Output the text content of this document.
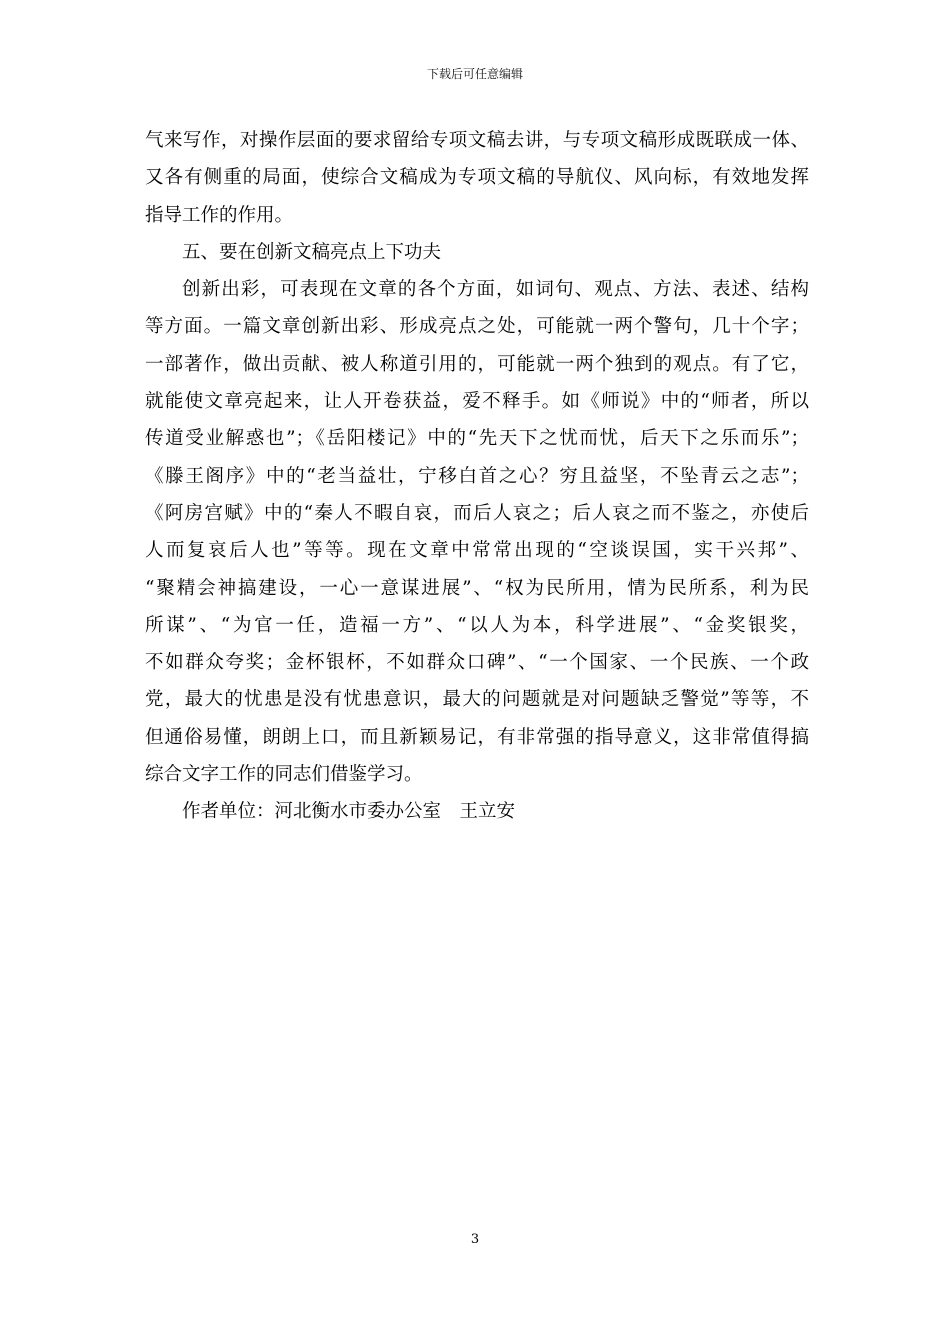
下载后可任意编辑
气来写作，对操作层面的要求留给专项文稿去讲，与专项文稿形成既联成一体、
又各有侧重的局面，使综合文稿成为专项文稿的导航仪、风向标，有效地发挥
指导工作的作用。
五、要在创新文稿亮点上下功夫
创新出彩，可表现在文章的各个方面，如词句、观点、方法、表述、结构
等方面。一篇文章创新出彩、形成亮点之处，可能就一两个警句，几十个字；
一部著作，做出贡献、被人称道引用的，可能就一两个独到的观点。有了它，
就能使文章亮起来，让人开卷获益，爱不释手。如《师说》中的“师者，所以
传道受业解惑也”；《岳阳楼记》中的“先天下之忧而忧，后天下之乐而乐”；
《滕王阁序》中的“老当益壮，宁移白首之心？穷且益坚，不坠青云之志”；
《阿房宫赋》中的“秦人不暇自哀，而后人哀之；后人哀之而不鉴之，亦使后
人而复哀后人也”等等。现在文章中常常出现的“空谈误国，实干兴邦”、
“聚精会神搞建设，一心一意谋进展”、“权为民所用，情为民所系，利为民
所谋”、“为官一任，造福一方”、“以人为本，科学进展”、“金奖银奖，
不如群众夸奖；金杯银杯，不如群众口碑”、“一个国家、一个民族、一个政
党，最大的忧患是没有忧患意识，最大的问题就是对问题缺乏警觉”等等，不
但通俗易懂，朗朗上口，而且新颖易记，有非常强的指导意义，这非常值得搞
综合文字工作的同志们借鉴学习。
作者单位：河北衡水市委办公室　王立安
3
